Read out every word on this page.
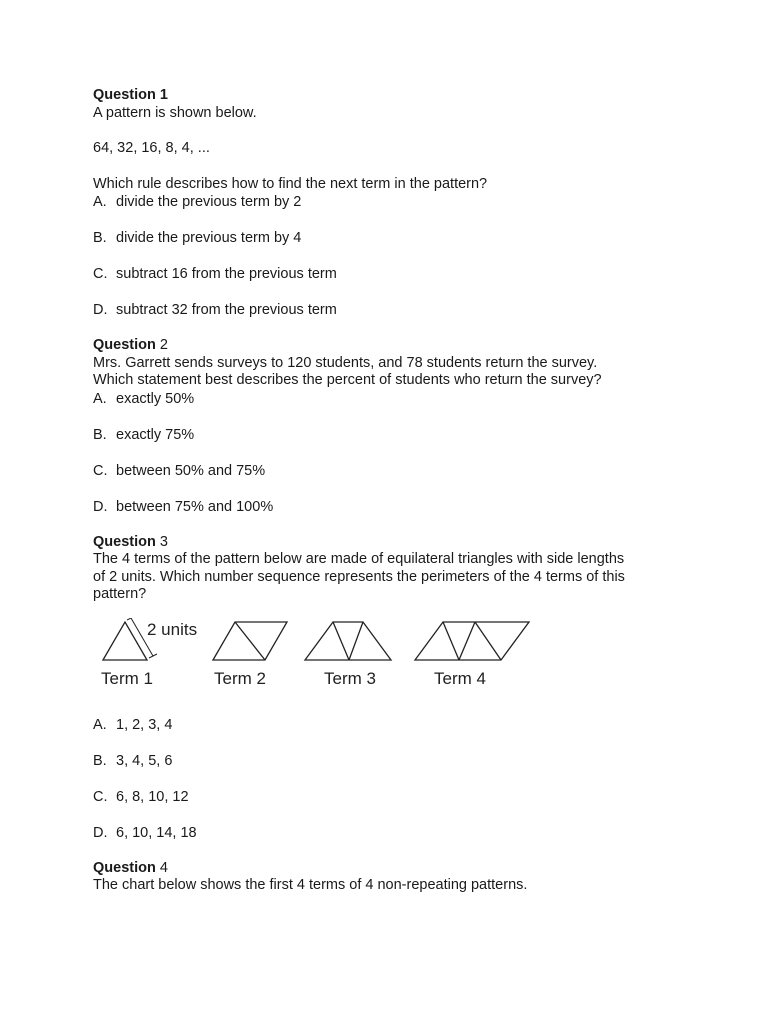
Question 1
A pattern is shown below.
64, 32, 16, 8, 4, ...
Which rule describes how to find the next term in the pattern?
A. divide the previous term by 2
B. divide the previous term by 4
C. subtract 16 from the previous term
D. subtract 32 from the previous term
Question 2
Mrs. Garrett sends surveys to 120 students, and 78 students return the survey.
Which statement best describes the percent of students who return the survey?
A. exactly 50%
B. exactly 75%
C. between 50% and 75%
D. between 75% and 100%
Question 3
The 4 terms of the pattern below are made of equilateral triangles with side lengths
of 2 units. Which number sequence represents the perimeters of the 4 terms of this
pattern?
2 units
Term 1	Term 2	Term 3	Term 4
A. 1, 2, 3, 4
B. 3, 4, 5, 6
C. 6, 8, 10, 12
D. 6, 10, 14, 18
Question 4
The chart below shows the first 4 terms of 4 non-repeating patterns.
